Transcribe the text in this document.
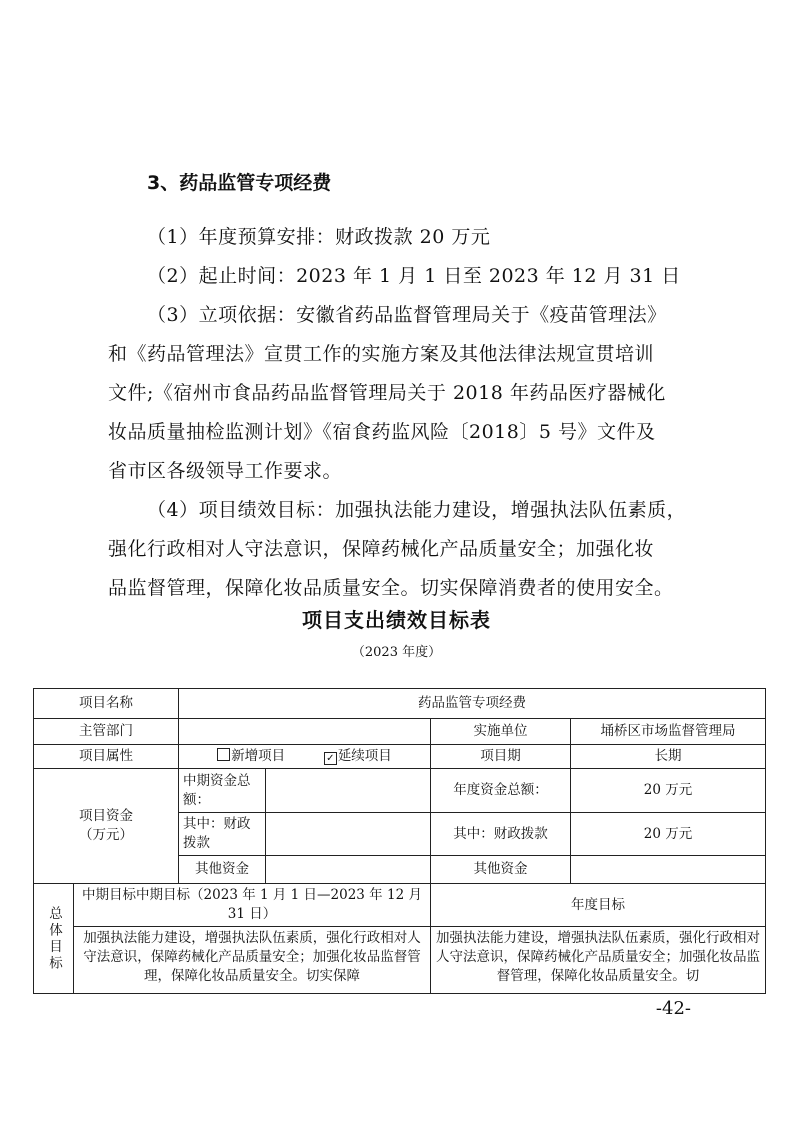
3、药品监管专项经费
（1）年度预算安排：财政拨款 20 万元
（2）起止时间：2023 年 1 月 1 日至 2023 年 12 月 31 日
（3）立项依据：安徽省药品监督管理局关于《疫苗管理法》
和《药品管理法》宣贯工作的实施方案及其他法律法规宣贯培训
文件;《宿州市食品药品监督管理局关于 2018 年药品医疗器械化
妆品质量抽检监测计划》《宿食药监风险〔2018〕5 号》文件及
省市区各级领导工作要求。
（4）项目绩效目标：加强执法能力建设，增强执法队伍素质，
强化行政相对人守法意识，保障药械化产品质量安全；加强化妆
品监督管理，保障化妆品质量安全。切实保障消费者的使用安全。
项目支出绩效目标表
（2023 年度）
项目名称		药品监管专项经费			
主管部门				实施单位	埇桥区市场监督管理局
项目属性		新增项目 ✓ 延续项目		项目期	长期

项目资金
（万元）		中期资金总额：		年度资金总额：	20 万元
		其中：财政拨款		其中：财政拨款	20 万元
		其他资金		其他资金	
总体目标	中期目标中期目标（2023 年 1 月 1 日—2023 年 12 月 31 日）			年度目标	

	加强执法能力建设，增强执法队伍素质，强化行政相对人守法意识，保障药械化产品质量安全；加强化妆品监督管理，保障化妆品质量安全。切实保障			加强执法能力建设，增强执法队伍素质，强化行政相对人守法意识，保障药械化产品质量安全；加强化妆品监督管理，保障化妆品质量安全。切	
-42-
